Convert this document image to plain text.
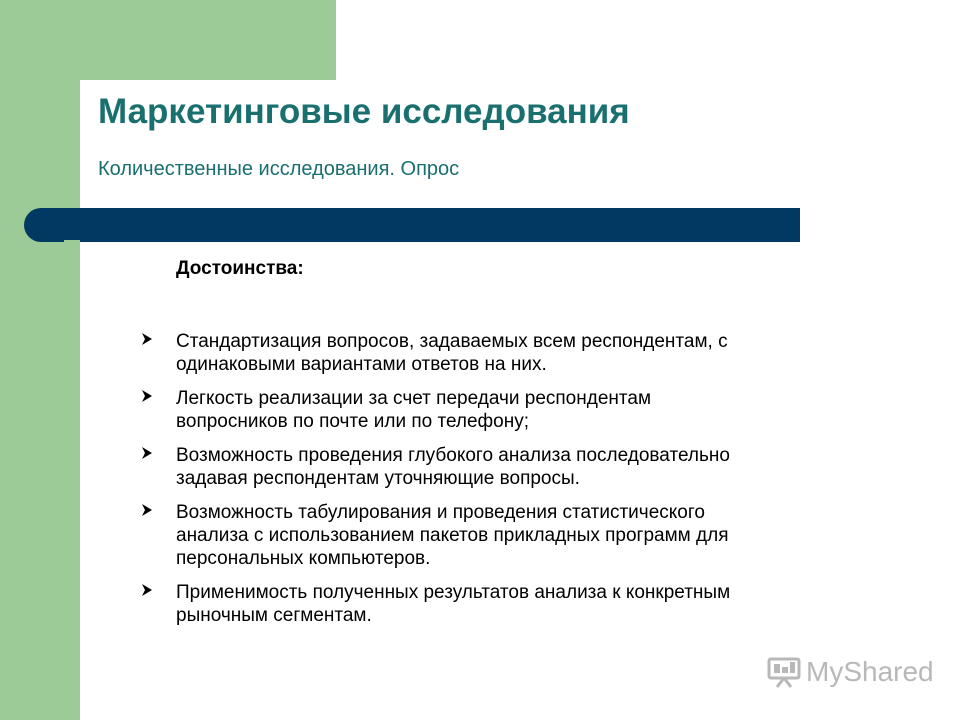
Маркетинговые исследования
Количественные исследования. Опрос
Достоинства:
Стандартизация вопросов, задаваемых всем респондентам, с
одинаковыми вариантами ответов на них.
Легкость реализации за счет передачи респондентам
вопросников по почте или по телефону;
Возможность проведения глубокого анализа последовательно
задавая респондентам уточняющие вопросы.
Возможность табулирования и проведения статистического
анализа с использованием пакетов прикладных программ для
персональных компьютеров.
Применимость полученных результатов анализа к конкретным
рыночным сегментам.
MyShared
